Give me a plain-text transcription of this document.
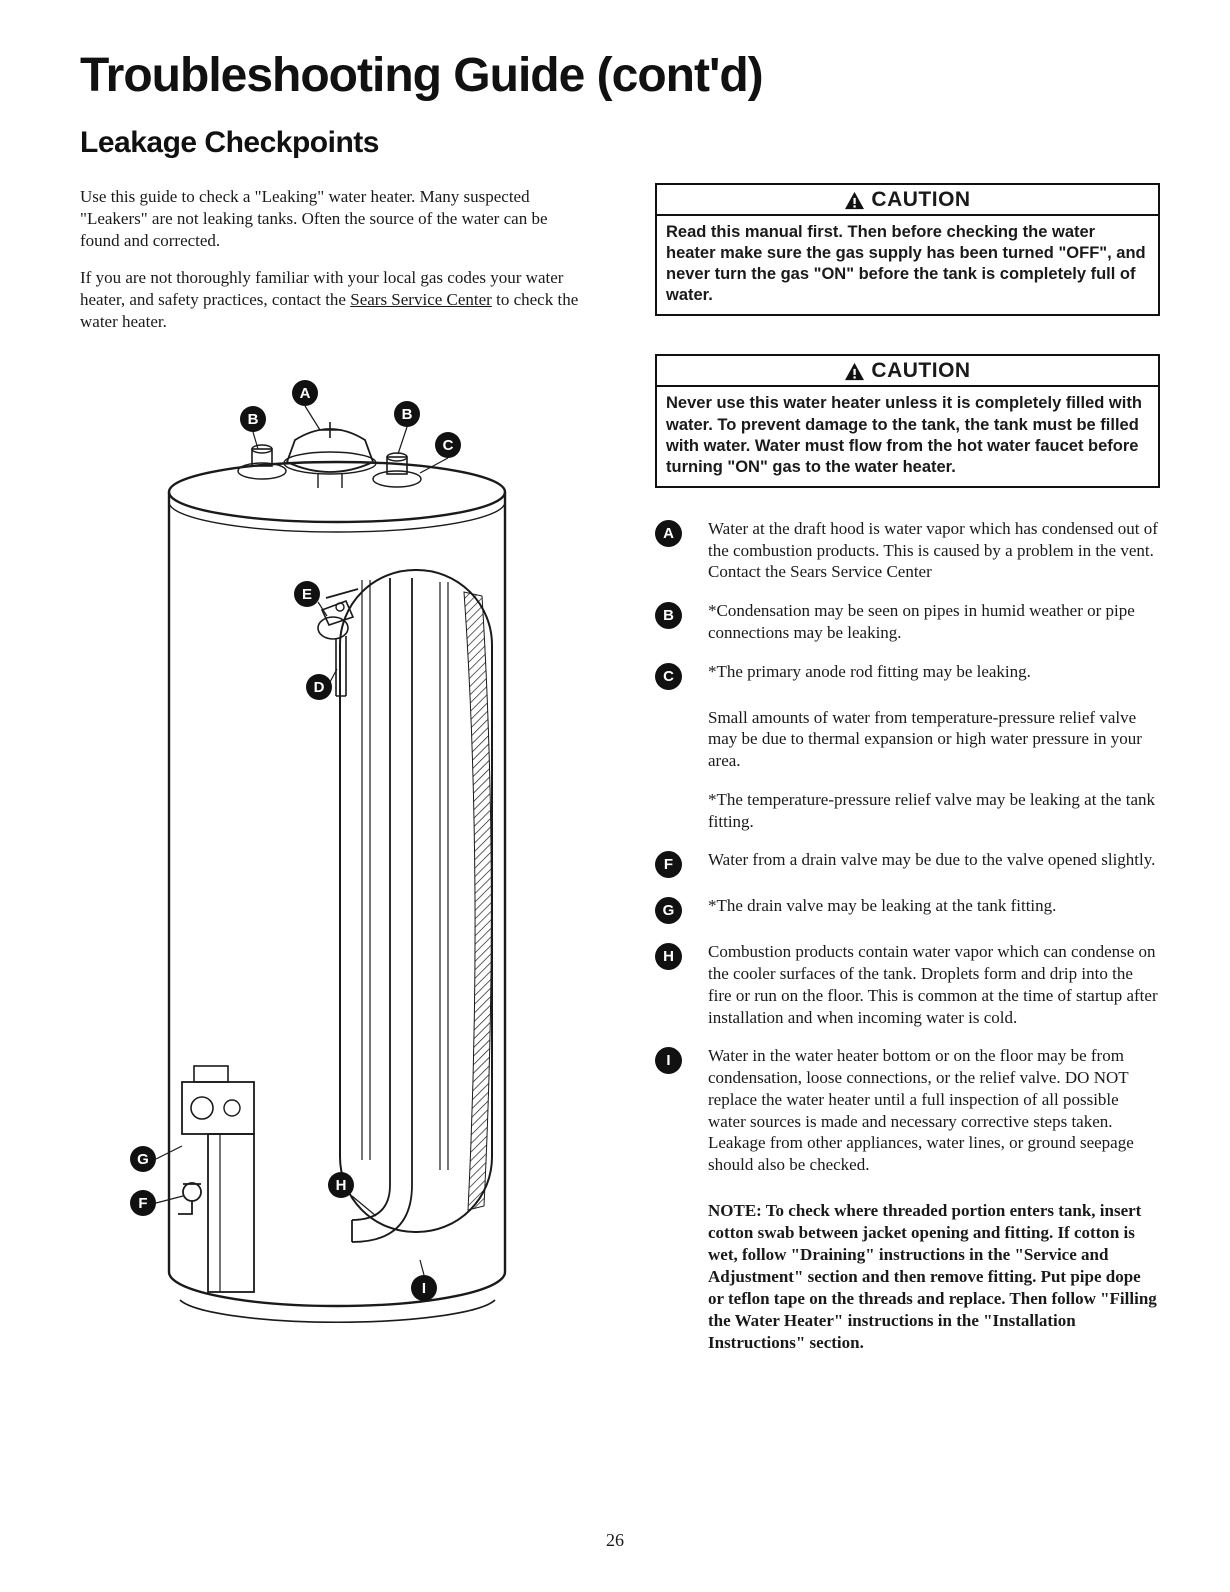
Troubleshooting Guide (cont'd)
Leakage Checkpoints

Use this guide to check a "Leaking" water heater. Many suspected "Leakers" are not leaking tanks. Often the source of the water can be found and corrected.

If you are not thoroughly familiar with your local gas codes your water heater, and safety practices, contact the Sears Service Center to check the water heater.

A
B	B
C
E
D
G
F
H
I
CAUTION
Read this manual first. Then before checking the water heater make sure the gas supply has been turned "OFF", and never turn the gas "ON" before the tank is completely full of water.
CAUTION
Never use this water heater unless it is completely filled with water. To prevent damage to the tank, the tank must be filled with water. Water must flow from the hot water faucet before turning "ON" gas to the water heater.
A	Water at the draft hood is water vapor which has condensed out of the combustion products. This is caused by a problem in the vent. Contact the Sears Service Center

B	*Condensation may be seen on pipes in humid weather or pipe connections may be leaking.

C	*The primary anode rod fitting may be leaking.

Small amounts of water from temperature-pressure relief valve may be due to thermal expansion or high water pressure in your area.

*The temperature-pressure relief valve may be leaking at the tank fitting.

F	Water from a drain valve may be due to the valve opened slightly.

G	*The drain valve may be leaking at the tank fitting.

H	Combustion products contain water vapor which can condense on the cooler surfaces of the tank. Droplets form and drip into the fire or run on the floor. This is common at the time of startup after installation and when incoming water is cold.

I	Water in the water heater bottom or on the floor may be from condensation, loose connections, or the relief valve. DO NOT replace the water heater until a full inspection of all possible water sources is made and necessary corrective steps taken. Leakage from other appliances, water lines, or ground seepage should also be checked.

NOTE: To check where threaded portion enters tank, insert cotton swab between jacket opening and fitting. If cotton is wet, follow "Draining" instructions in the "Service and Adjustment" section and then remove fitting. Put pipe dope or teflon tape on the threads and replace. Then follow "Filling the Water Heater" instructions in the "Installation Instructions" section.

26
